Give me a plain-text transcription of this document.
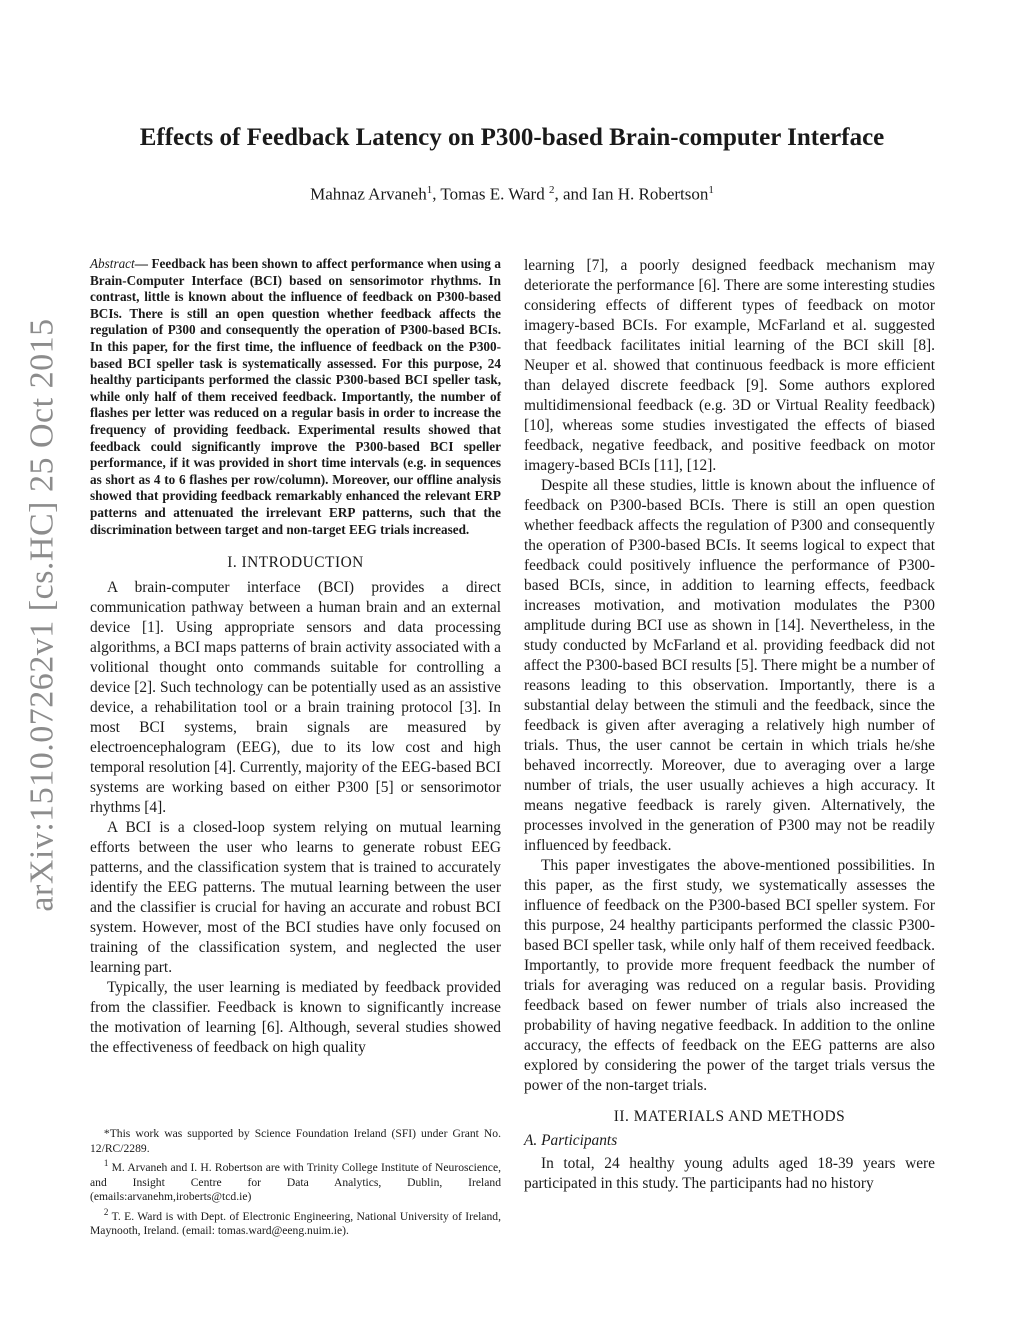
arXiv:1510.07262v1 [cs.HC] 25 Oct 2015
Effects of Feedback Latency on P300-based Brain-computer Interface
Mahnaz Arvaneh$^1$, Tomas E. Ward $^2$, and Ian H. Robertson$^1$

Abstract— Feedback has been shown to affect performance when using a Brain-Computer Interface (BCI) based on sensorimotor rhythms. In contrast, little is known about the influence of feedback on P300-based BCIs. There is still an open question whether feedback affects the regulation of P300 and consequently the operation of P300-based BCIs. In this paper, for the first time, the influence of feedback on the P300-based BCI speller task is systematically assessed. For this purpose, 24 healthy participants performed the classic P300-based BCI speller task, while only half of them received feedback. Importantly, the number of flashes per letter was reduced on a regular basis in order to increase the frequency of providing feedback. Experimental results showed that feedback could significantly improve the P300-based BCI speller performance, if it was provided in short time intervals (e.g. in sequences as short as 4 to 6 flashes per row/column). Moreover, our offline analysis showed that providing feedback remarkably enhanced the relevant ERP patterns and attenuated the irrelevant ERP patterns, such that the discrimination between target and non-target EEG trials increased.

I. INTRODUCTION

A brain-computer interface (BCI) provides a direct communication pathway between a human brain and an external device [1]. Using appropriate sensors and data processing algorithms, a BCI maps patterns of brain activity associated with a volitional thought onto commands suitable for controlling a device [2]. Such technology can be potentially used as an assistive device, a rehabilitation tool or a brain training protocol [3]. In most BCI systems, brain signals are measured by electroencephalogram (EEG), due to its low cost and high temporal resolution [4]. Currently, majority of the EEG-based BCI systems are working based on either P300 [5] or sensorimotor rhythms [4].

A BCI is a closed-loop system relying on mutual learning efforts between the user who learns to generate robust EEG patterns, and the classification system that is trained to accurately identify the EEG patterns. The mutual learning between the user and the classifier is crucial for having an accurate and robust BCI system. However, most of the BCI studies have only focused on training of the classification system, and neglected the user learning part.

Typically, the user learning is mediated by feedback provided from the classifier. Feedback is known to significantly increase the motivation of learning [6]. Although, several studies showed the effectiveness of feedback on high quality

*This work was supported by Science Foundation Ireland (SFI) under Grant No. 12/RC/2289.

$^1$ M. Arvaneh and I. H. Robertson are with Trinity College Institute of Neuroscience, and Insight Centre for Data Analytics, Dublin, Ireland (emails:arvanehm,iroberts@tcd.ie)

$^2$ T. E. Ward is with Dept. of Electronic Engineering, National University of Ireland, Maynooth, Ireland. (email: tomas.ward@eeng.nuim.ie).

learning [7], a poorly designed feedback mechanism may deteriorate the performance [6]. There are some interesting studies considering effects of different types of feedback on motor imagery-based BCIs. For example, McFarland et al. suggested that feedback facilitates initial learning of the BCI skill [8]. Neuper et al. showed that continuous feedback is more efficient than delayed discrete feedback [9]. Some authors explored multidimensional feedback (e.g. 3D or Virtual Reality feedback) [10], whereas some studies investigated the effects of biased feedback, negative feedback, and positive feedback on motor imagery-based BCIs [11], [12].

Despite all these studies, little is known about the influence of feedback on P300-based BCIs. There is still an open question whether feedback affects the regulation of P300 and consequently the operation of P300-based BCIs. It seems logical to expect that feedback could positively influence the performance of P300-based BCIs, since, in addition to learning effects, feedback increases motivation, and motivation modulates the P300 amplitude during BCI use as shown in [14]. Nevertheless, in the study conducted by McFarland et al. providing feedback did not affect the P300-based BCI results [5]. There might be a number of reasons leading to this observation. Importantly, there is a substantial delay between the stimuli and the feedback, since the feedback is given after averaging a relatively high number of trials. Thus, the user cannot be certain in which trials he/she behaved incorrectly. Moreover, due to averaging over a large number of trials, the user usually achieves a high accuracy. It means negative feedback is rarely given. Alternatively, the processes involved in the generation of P300 may not be readily influenced by feedback.

This paper investigates the above-mentioned possibilities. In this paper, as the first study, we systematically assesses the influence of feedback on the P300-based BCI speller system. For this purpose, 24 healthy participants performed the classic P300-based BCI speller task, while only half of them received feedback. Importantly, to provide more frequent feedback the number of trials for averaging was reduced on a regular basis. Providing feedback based on fewer number of trials also increased the probability of having negative feedback. In addition to the online accuracy, the effects of feedback on the EEG patterns are also explored by considering the power of the target trials versus the power of the non-target trials.

II. MATERIALS AND METHODS
A. Participants

In total, 24 healthy young adults aged 18-39 years were participated in this study. The participants had no history
